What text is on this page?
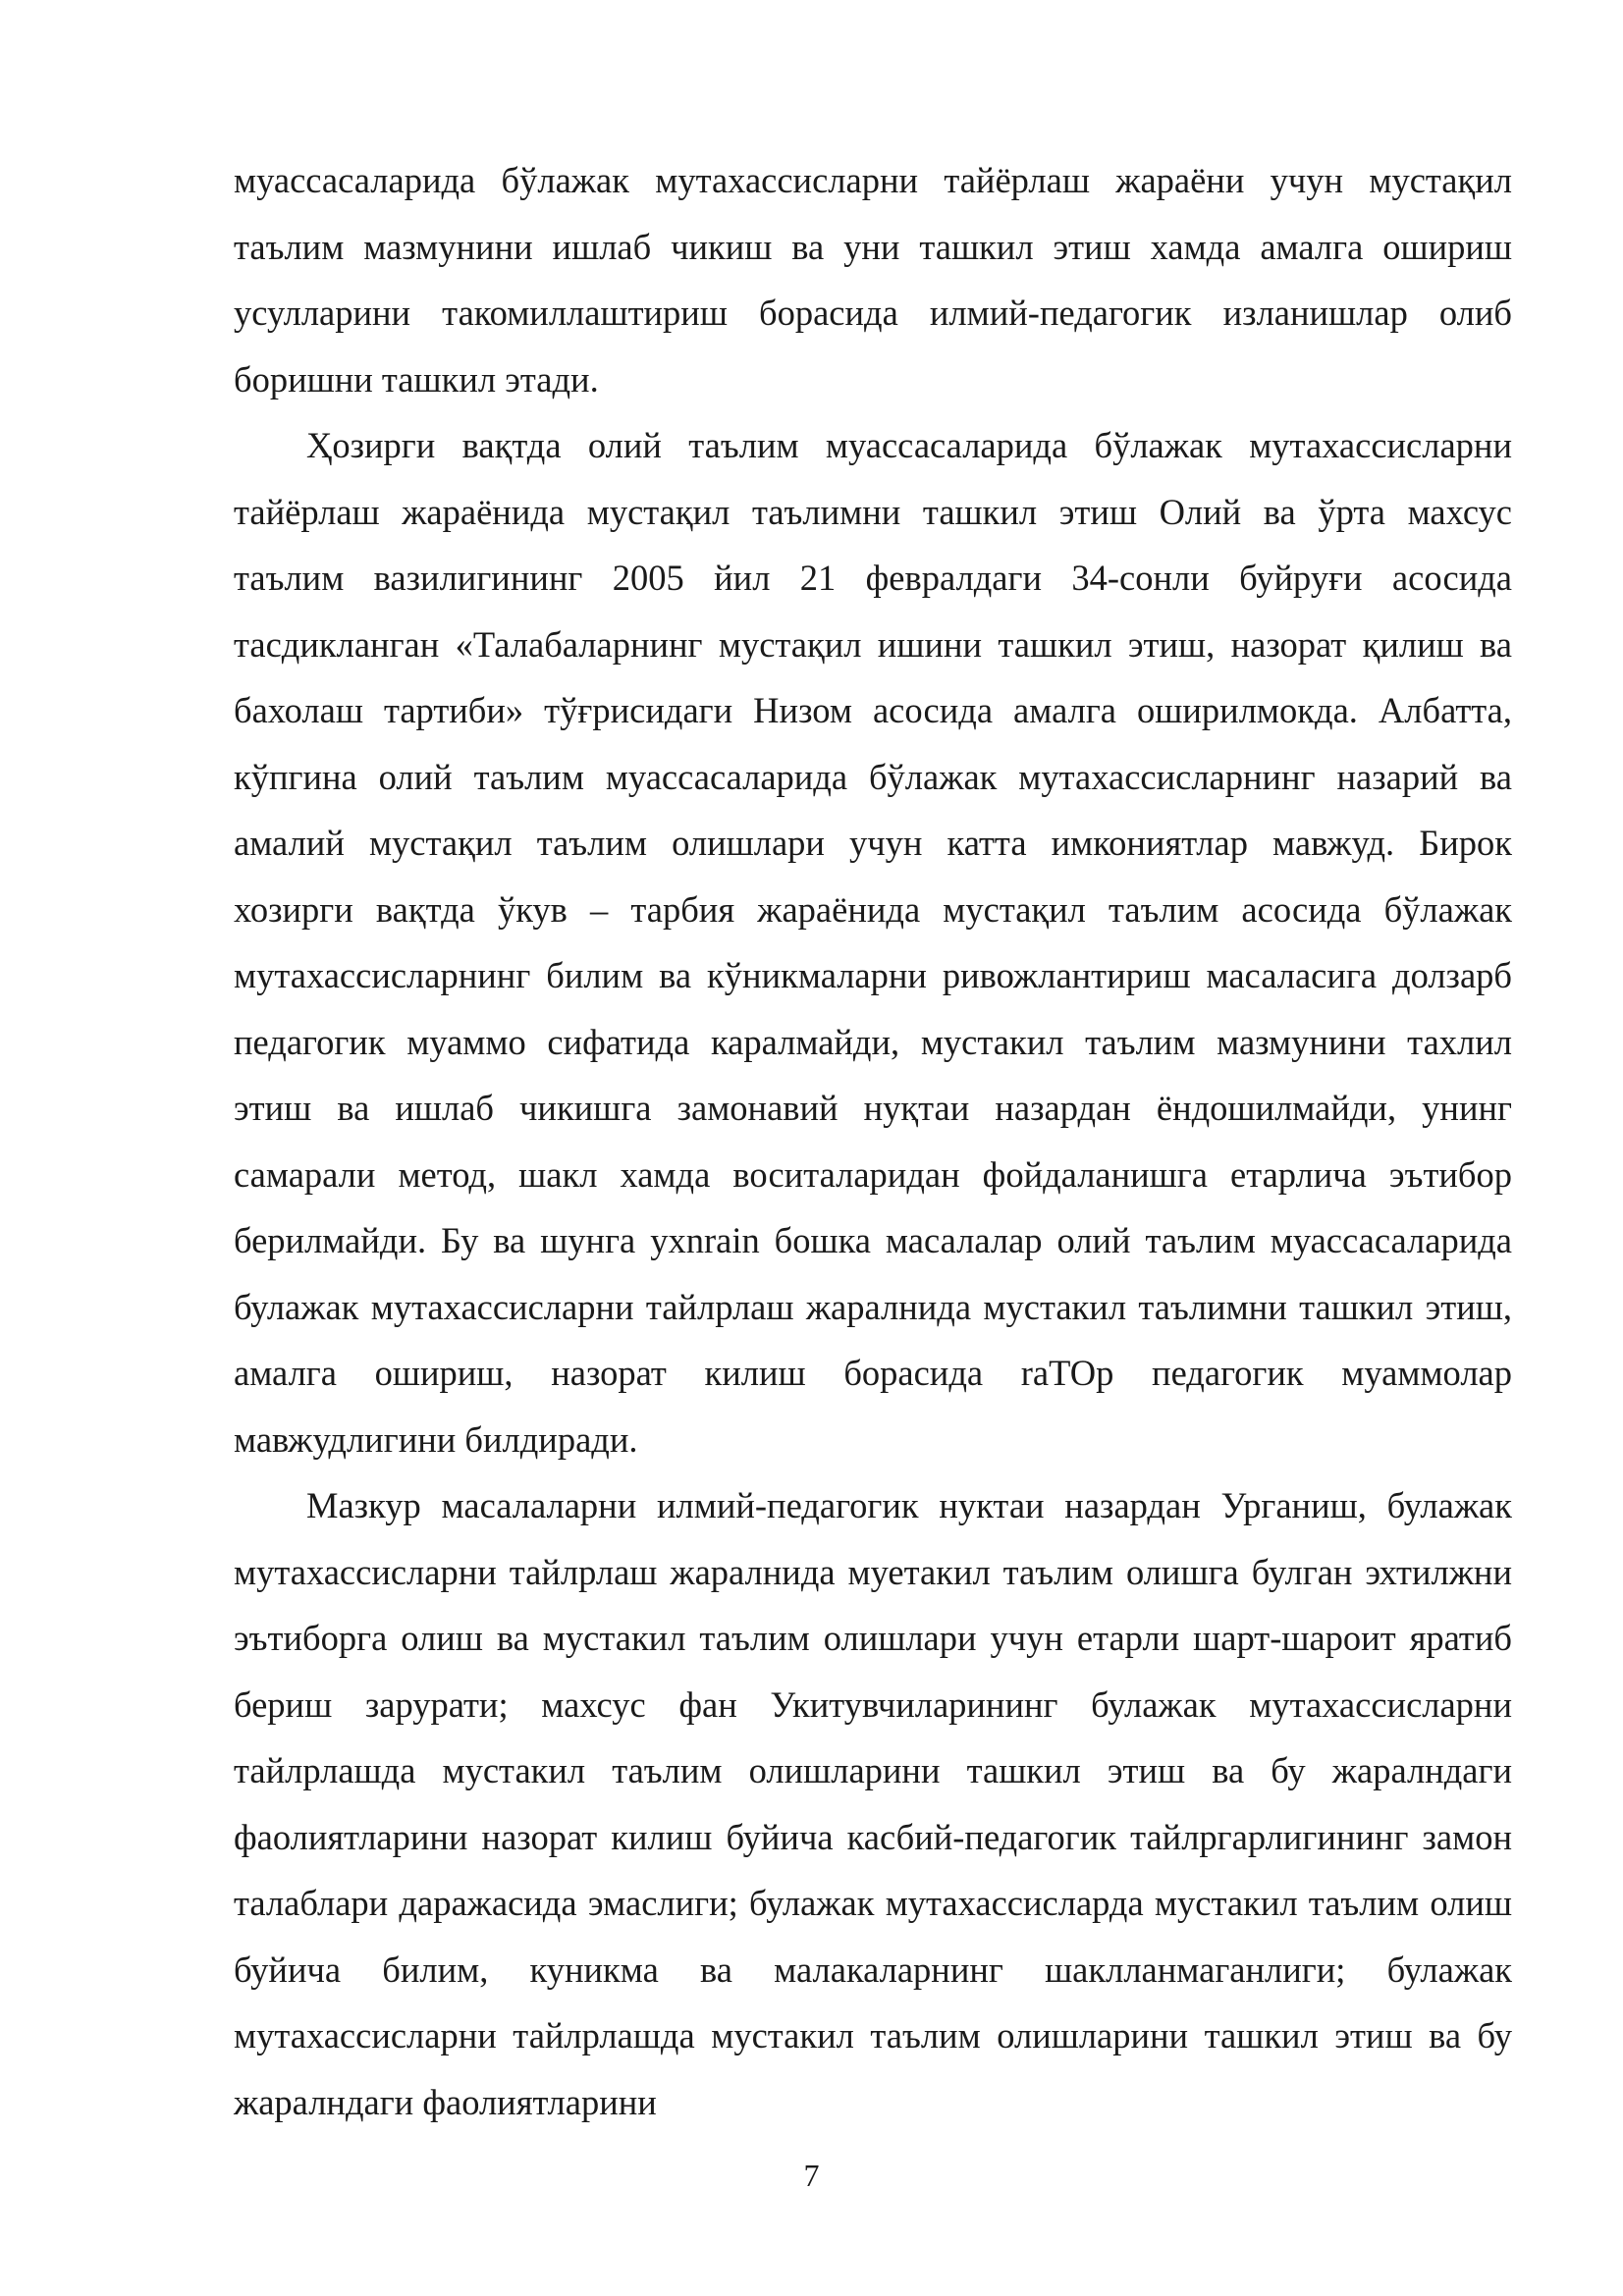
муассасаларида бўлажак мутахассисларни тайёрлаш жараёни учун мустақил таълим мазмунини ишлаб чикиш ва уни ташкил этиш хамда амалга ошириш усулларини такомиллаштириш борасида илмий-педагогик изланишлар олиб боришни ташкил этади.

Ҳозирги вақтда олий таълим муассасаларида бўлажак мутахассисларни тайёрлаш жараёнида мустақил таълимни ташкил этиш Олий ва ўрта махсус таълим вазилигининг 2005 йил 21 февралдаги 34-сонли буйруғи асосида тасдикланган «Талабаларнинг мустақил ишини ташкил этиш, назорат қилиш ва бахолаш тартиби» тўғрисидаги Низом асосида амалга оширилмокда. Албатта, кўпгина олий таълим муассасаларида бўлажак мутахассисларнинг назарий ва амалий мустақил таълим олишлари учун катта имкониятлар мавжуд. Бирок хозирги вақтда ўкув – тарбия жараёнида мустақил таълим асосида бўлажак мутахассисларнинг билим ва кўникмаларни ривожлантириш масаласига долзарб педагогик муаммо сифатида каралмайди, мустакил таълим мазмунини тахлил этиш ва ишлаб чикишга замонавий нуқтаи назардан ёндошилмайди, унинг самарали метод, шакл хамда воситаларидан фойдаланишга етарлича эътибор берилмайди. Бу ва шунга ухnrain бошка масалалар олий таълим муассасаларида булажак мутахассисларни тайлрлаш жаралнида мустакил таълимни ташкил этиш, амалга ошириш, назорат килиш борасида raTOp педагогик муаммолар мавжудлигини билдиради.

Мазкур масалаларни илмий-педагогик нуктаи назардан Урганиш, булажак мутахассисларни тайлрлаш жаралнида муетакил таълим олишга булган эхтилжни эътиборга олиш ва мустакил таълим олишлари учун етарли шарт-шароит яратиб бериш зарурати; махсус фан Укитувчиларининг булажак мутахассисларни тайлрлашда мустакил таълим олишларини ташкил этиш ва бу жаралндаги фаолиятларини назорат килиш буйича касбий-педагогик тайлргарлигининг замон талаблари даражасида эмаслиги; булажак мутахассисларда мустакил таълим олиш буйича билим, куникма ва малакаларнинг шаклланмаганлиги; булажак мутахассисларни тайлрлашда мустакил таълим олишларини ташкил этиш ва бу жаралндаги фаолиятларини

7
